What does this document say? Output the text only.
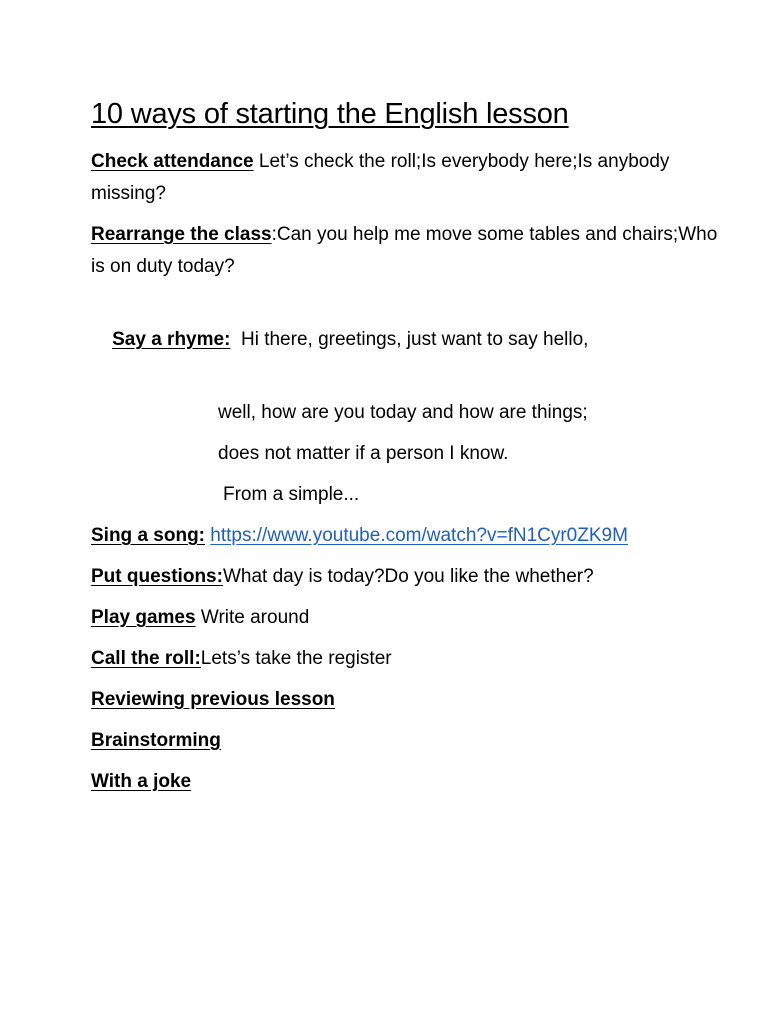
10 ways of starting the English lesson

Check attendance Let’s check the roll;Is everybody here;Is anybody missing?

Rearrange the class:Can you help me move some tables and chairs;Who is on duty today?

Say a rhyme:  Hi there, greetings, just want to say hello,

well, how are you today and how are things;

does not matter if a person I know.

From a simple...

Sing a song: https://www.youtube.com/watch?v=fN1Cyr0ZK9M

Put questions:What day is today?Do you like the whether?

Play games Write around

Call the roll:Lets’s take the register

Reviewing previous lesson

Brainstorming

With a joke
